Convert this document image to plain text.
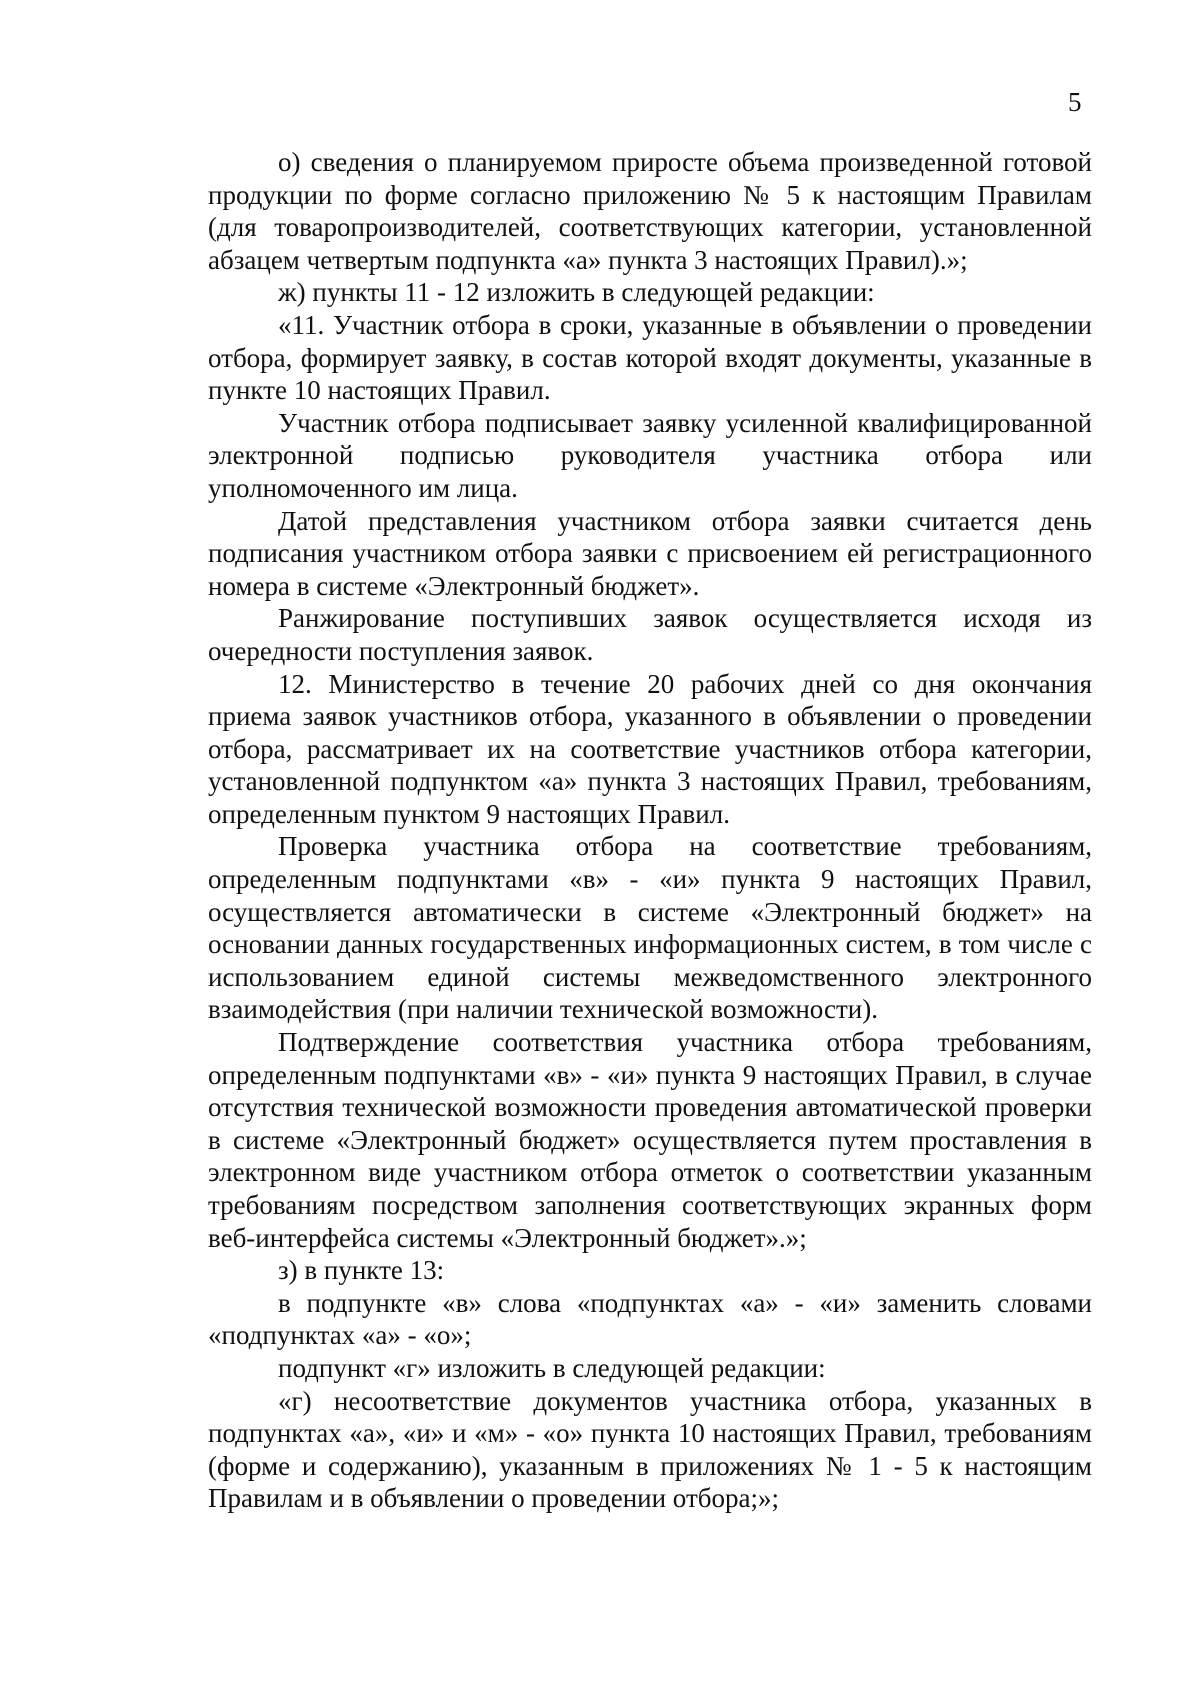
5

о) сведения о планируемом приросте объема произведенной готовой продукции по форме согласно приложению № 5 к настоящим Правилам (для товаропроизводителей, соответствующих категории, установленной абзацем четвертым подпункта «а» пункта 3 настоящих Правил).»;

ж) пункты 11 - 12 изложить в следующей редакции:

«11. Участник отбора в сроки, указанные в объявлении о проведении отбора, формирует заявку, в состав которой входят документы, указанные в пункте 10 настоящих Правил.

Участник отбора подписывает заявку усиленной квалифицированной электронной подписью руководителя участника отбора или уполномоченного им лица.

Датой представления участником отбора заявки считается день подписания участником отбора заявки с присвоением ей регистрационного номера в системе «Электронный бюджет».

Ранжирование поступивших заявок осуществляется исходя из очередности поступления заявок.

12. Министерство в течение 20 рабочих дней со дня окончания приема заявок участников отбора, указанного в объявлении о проведении отбора, рассматривает их на соответствие участников отбора категории, установленной подпунктом «а» пункта 3 настоящих Правил, требованиям, определенным пунктом 9 настоящих Правил.

Проверка участника отбора на соответствие требованиям, определенным подпунктами «в» - «и» пункта 9 настоящих Правил, осуществляется автоматически в системе «Электронный бюджет» на основании данных государственных информационных систем, в том числе с использованием единой системы межведомственного электронного взаимодействия (при наличии технической возможности).

Подтверждение соответствия участника отбора требованиям, определенным подпунктами «в» - «и» пункта 9 настоящих Правил, в случае отсутствия технической возможности проведения автоматической проверки в системе «Электронный бюджет» осуществляется путем проставления в электронном виде участником отбора отметок о соответствии указанным требованиям посредством заполнения соответствующих экранных форм веб-интерфейса системы «Электронный бюджет».»;

з) в пункте 13:

в подпункте «в» слова «подпунктах «а» - «и» заменить словами «подпунктах «а» - «о»;

подпункт «г» изложить в следующей редакции:

«г) несоответствие документов участника отбора, указанных в подпунктах «а», «и» и «м» - «о» пункта 10 настоящих Правил, требованиям (форме и содержанию), указанным в приложениях № 1 - 5 к настоящим Правилам и в объявлении о проведении отбора;»;
